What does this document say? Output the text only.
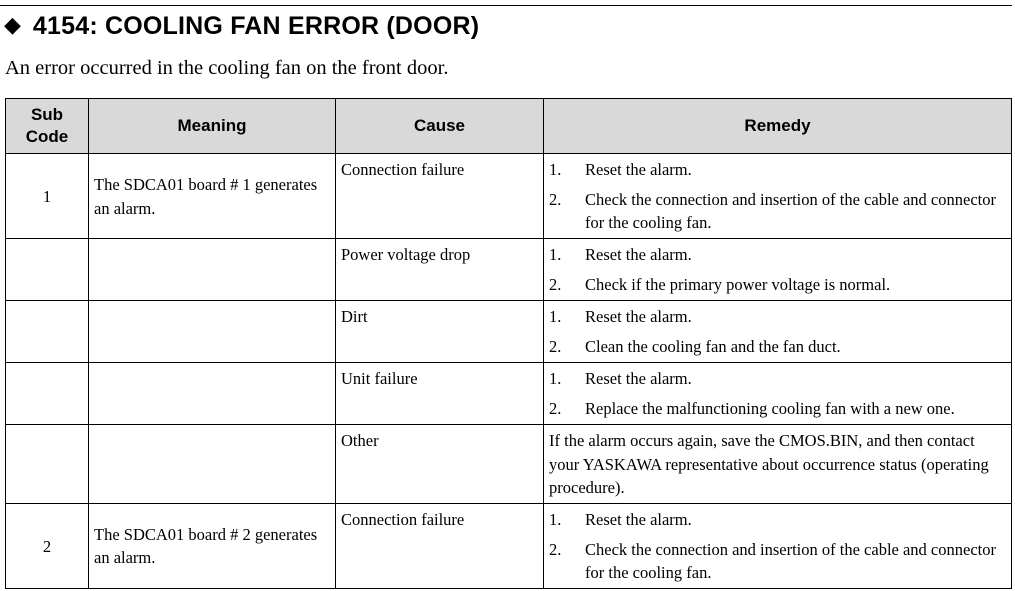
◆ 4154: COOLING FAN ERROR (DOOR)
An error occurred in the cooling fan on the front door.
Sub Code	Meaning	Cause	Remedy
1	The SDCA01 board # 1 generates an alarm.	Connection failure	1. Reset the alarm.
2. Check the connection and insertion of the cable and connector for the cooling fan.

		Power voltage drop	1. Reset the alarm.
2. Check if the primary power voltage is normal.

		Dirt	1. Reset the alarm.
2. Clean the cooling fan and the fan duct.

		Unit failure	1. Reset the alarm.
2. Replace the malfunctioning cooling fan with a new one.

		Other	If the alarm occurs again, save the CMOS.BIN, and then contact your YASKAWA representative about occurrence status (operating procedure).
2	The SDCA01 board # 2 generates an alarm.	Connection failure	1. Reset the alarm.
2. Check the connection and insertion of the cable and connector for the cooling fan.
